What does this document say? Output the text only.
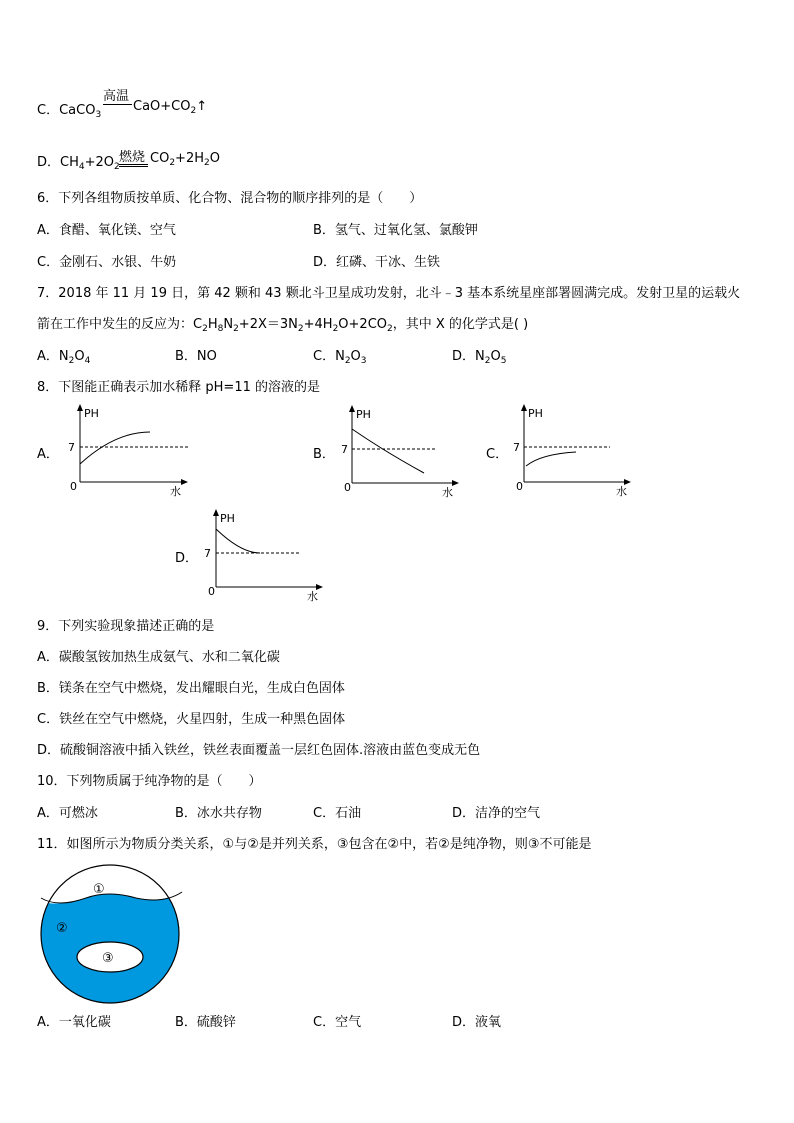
C．CaCO$_3$
高温
$CaO+CO_2↑$
D．$CH_4+2O_2$
燃烧 $CO_2+2H_2O$
6．下列各组物质按单质、化合物、混合物的顺序排列的是（　　）
A．食醋、氧化镁、空气	B．氢气、过氧化氢、氯酸钾
C．金刚石、水银、牛奶	D．红磷、干冰、生铁
7．2018 年 11 月 19 日，第 42 颗和 43 颗北斗卫星成功发射，北斗﹣3 基本系统星座部署圆满完成。发射卫星的运载火
箭在工作中发生的反应为：$C_2H_8N_2+2X=3N_2+4H_2O+2CO_2$，其中 X 的化学式是( )
A．$N_2O_4$	B．NO	C．$N_2O_3$	D．$N_2O_5$
8．下图能正确表示加水稀释 pH=11 的溶液的是
A．
PH
7
0	水
B．
PH
7
0	水
C．
PH
7
0	水
D．
PH
7
0	水
9．下列实验现象描述正确的是
A．碳酸氢铵加热生成氨气、水和二氧化碳
B．镁条在空气中燃烧，发出耀眼白光，生成白色固体
C．铁丝在空气中燃烧，火星四射，生成一种黑色固体
D．硫酸铜溶液中插入铁丝，铁丝表面覆盖一层红色固体.溶液由蓝色变成无色
10．下列物质属于纯净物的是（　　）
A．可燃冰	B．冰水共存物	C．石油	D．洁净的空气
11．如图所示为物质分类关系，①与②是并列关系，③包含在②中，若②是纯净物，则③不可能是
①
②
③
A．一氧化碳	B．硫酸锌	C．空气	D．液氧
